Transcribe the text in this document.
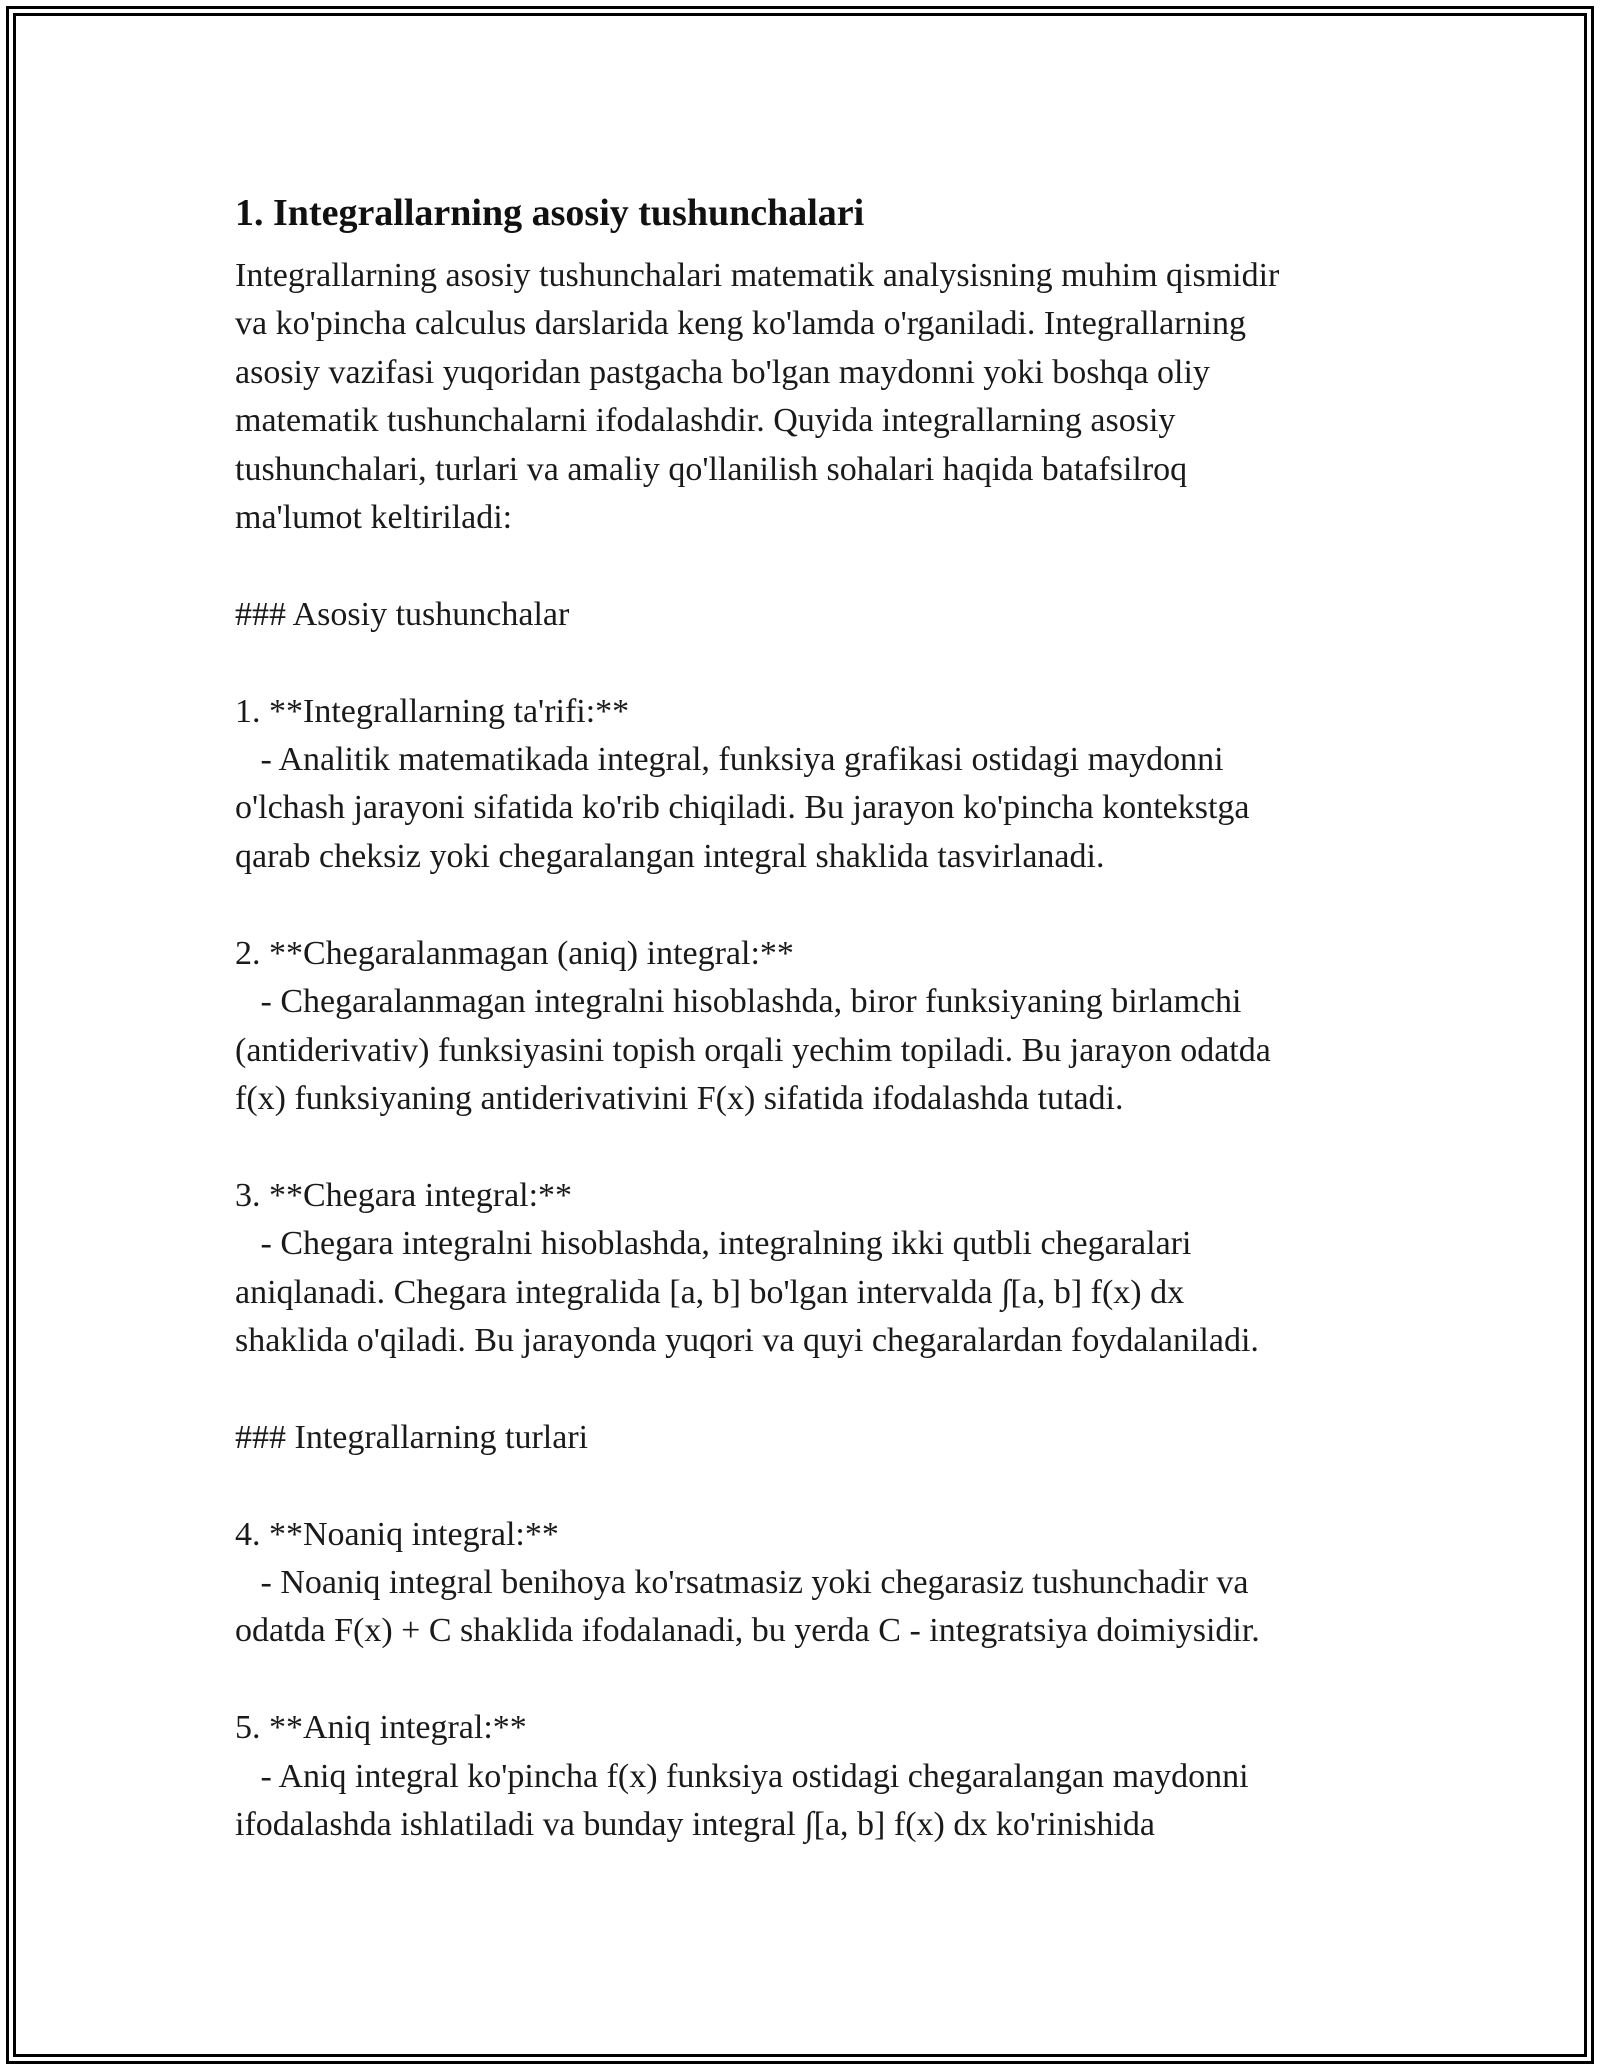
1. Integrallarning asosiy tushunchalari
Integrallarning asosiy tushunchalari matematik analysisning muhim qismidir
va ko'pincha calculus darslarida keng ko'lamda o'rganiladi. Integrallarning
asosiy vazifasi yuqoridan pastgacha bo'lgan maydonni yoki boshqa oliy
matematik tushunchalarni ifodalashdir. Quyida integrallarning asosiy
tushunchalari, turlari va amaliy qo'llanilish sohalari haqida batafsilroq
ma'lumot keltiriladi:

### Asosiy tushunchalar

1. **Integrallarning ta'rifi:**
- Analitik matematikada integral, funksiya grafikasi ostidagi maydonni
o'lchash jarayoni sifatida ko'rib chiqiladi. Bu jarayon ko'pincha kontekstga
qarab cheksiz yoki chegaralangan integral shaklida tasvirlanadi.

2. **Chegaralanmagan (aniq) integral:**
- Chegaralanmagan integralni hisoblashda, biror funksiyaning birlamchi
(antiderivativ) funksiyasini topish orqali yechim topiladi. Bu jarayon odatda
f(x) funksiyaning antiderivativini F(x) sifatida ifodalashda tutadi.

3. **Chegara integral:**
- Chegara integralni hisoblashda, integralning ikki qutbli chegaralari
aniqlanadi. Chegara integralida [a, b] bo'lgan intervalda ∫[a, b] f(x) dx
shaklida o'qiladi. Bu jarayonda yuqori va quyi chegaralardan foydalaniladi.

### Integrallarning turlari

4. **Noaniq integral:**
- Noaniq integral benihoya ko'rsatmasiz yoki chegarasiz tushunchadir va
odatda F(x) + C shaklida ifodalanadi, bu yerda C - integratsiya doimiysidir.

5. **Aniq integral:**
- Aniq integral ko'pincha f(x) funksiya ostidagi chegaralangan maydonni
ifodalashda ishlatiladi va bunday integral ∫[a, b] f(x) dx ko'rinishida
